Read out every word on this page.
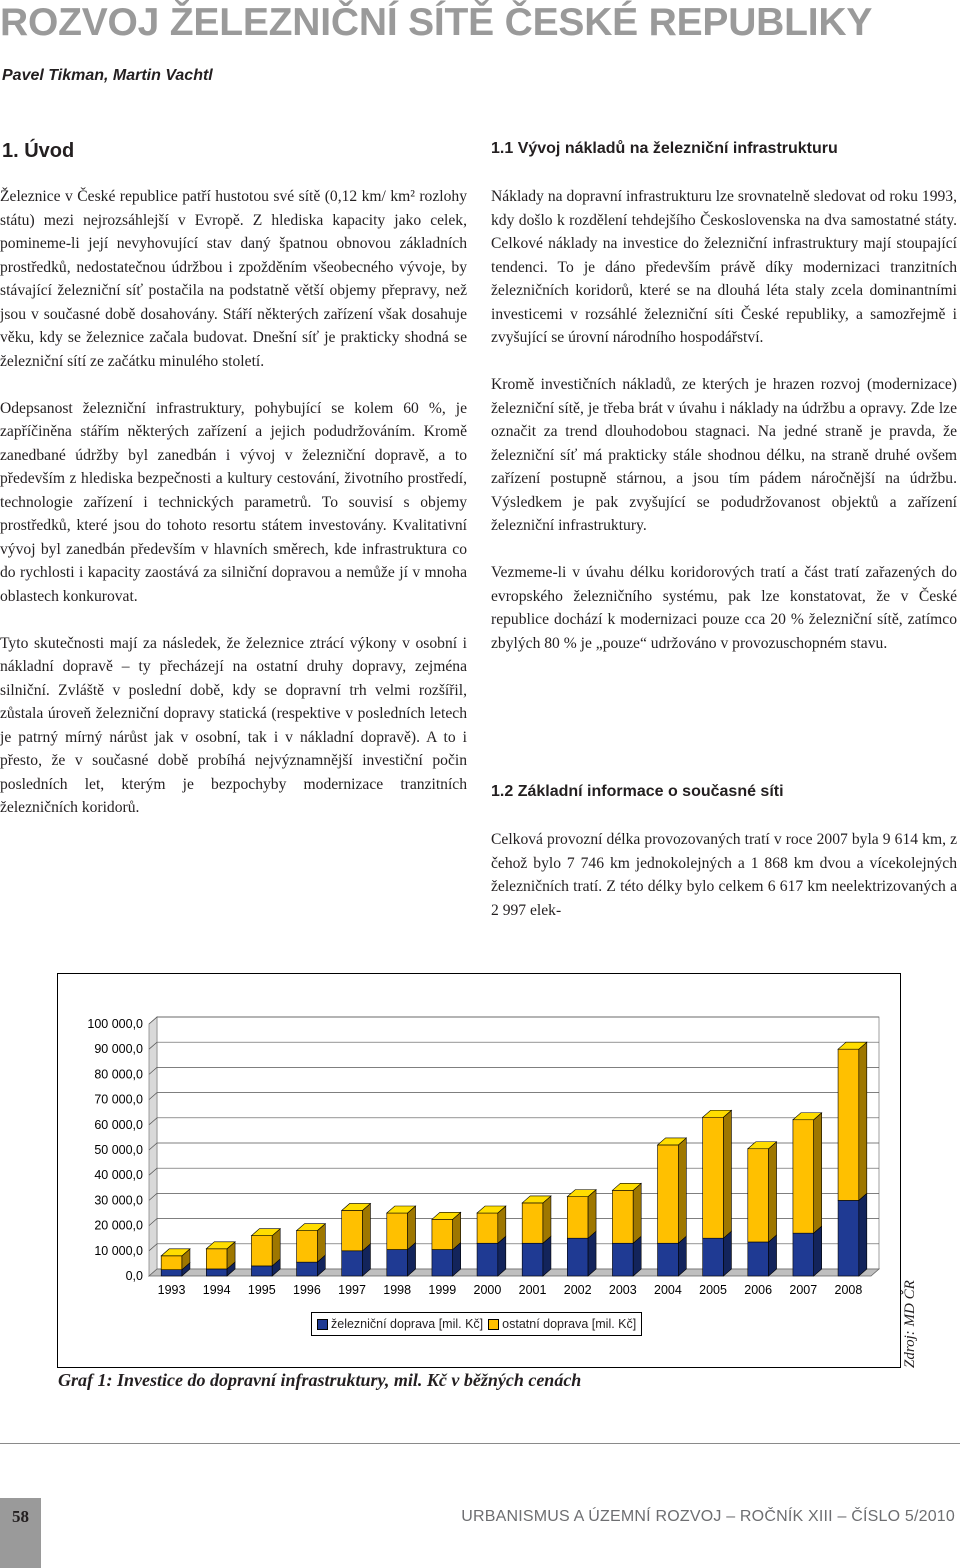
ROZVOJ ŽELEZNIČNÍ SÍTĚ ČESKÉ REPUBLIKY
Pavel Tikman, Martin Vachtl
1. Úvod

Železnice v České republice patří hustotou své sítě (0,12 km/ km² rozlohy státu) mezi nejrozsáhlejší v Evropě. Z hlediska kapacity jako celek, pomineme-li její nevyhovující stav daný špatnou obnovou základních prostředků, nedostatečnou údržbou i zpožděním všeobecného vývoje, by stávající železniční síť postačila na podstatně větší objemy přepravy, než jsou v současné době dosahovány. Stáří některých zařízení však dosahuje věku, kdy se železnice začala budovat. Dnešní síť je prakticky shodná se železniční sítí ze začátku minulého století.

Odepsanost železniční infrastruktury, pohybující se kolem 60 %, je zapříčiněna stářím některých zařízení a jejich podudržováním. Kromě zanedbané údržby byl zanedbán i vývoj v železniční dopravě, a to především z hlediska bezpečnosti a kultury cestování, životního prostředí, technologie zařízení i technických parametrů. To souvisí s objemy prostředků, které jsou do tohoto resortu státem investovány. Kvalitativní vývoj byl zanedbán především v hlavních směrech, kde infrastruktura co do rychlosti i kapacity zaostává za silniční dopravou a nemůže jí v mnoha oblastech konkurovat.

Tyto skutečnosti mají za následek, že železnice ztrácí výkony v osobní i nákladní dopravě – ty přecházejí na ostatní druhy dopravy, zejména silniční. Zvláště v poslední době, kdy se dopravní trh velmi rozšířil, zůstala úroveň železniční dopravy statická (respektive v posledních letech je patrný mírný nárůst jak v osobní, tak i v nákladní dopravě). A to i přesto, že v současné době probíhá nejvýznamnější investiční počin posledních let, kterým je bezpochyby modernizace tranzitních železničních koridorů.

1.1 Vývoj nákladů na železniční infrastrukturu

Náklady na dopravní infrastrukturu lze srovnatelně sledovat od roku 1993, kdy došlo k rozdělení tehdejšího Československa na dva samostatné státy. Celkové náklady na investice do železniční infrastruktury mají stoupající tendenci. To je dáno především právě díky modernizaci tranzitních železničních koridorů, které se na dlouhá léta staly zcela dominantními investicemi v rozsáhlé železniční síti České republiky, a samozřejmě i zvyšující se úrovní národního hospodářství.

Kromě investičních nákladů, ze kterých je hrazen rozvoj (modernizace) železniční sítě, je třeba brát v úvahu i náklady na údržbu a opravy. Zde lze označit za trend dlouhodobou stagnaci. Na jedné straně je pravda, že železniční síť má prakticky stále shodnou délku, na straně druhé ovšem zařízení postupně stárnou, a jsou tím pádem náročnější na údržbu. Výsledkem je pak zvyšující se podudržovanost objektů a zařízení železniční infrastruktury.

Vezmeme-li v úvahu délku koridorových tratí a část tratí zařazených do evropského železničního systému, pak lze konstatovat, že v České republice dochází k modernizaci pouze cca 20 % železniční sítě, zatímco zbylých 80 % je „pouze“ udržováno v provozuschopném stavu.

1.2 Základní informace o současné síti

Celková provozní délka provozovaných tratí v roce 2007 byla 9 614 km, z čehož bylo 7 746 km jednokolejných a 1 868 km dvou a vícekolejných železničních tratí. Z této délky bylo celkem 6 617 km neelektrizovaných a 2 997 elek-

0,0
10 000,0
20 000,0
30 000,0
40 000,0
50 000,0
60 000,0
70 000,0
80 000,0
90 000,0
100 000,0
1993 1994 1995 1996 1997 1998 1999 2000 2001 2002 2003 2004 2005 2006 2007 2008
železniční doprava [mil. Kč] ostatní doprava [mil. Kč]
Graf 1: Investice do dopravní infrastruktury, mil. Kč v běžných cenách
Zdroj: MD ČR
58	URBANISMUS A ÚZEMNÍ ROZVOJ – ROČNÍK XIII – ČÍSLO 5/2010
